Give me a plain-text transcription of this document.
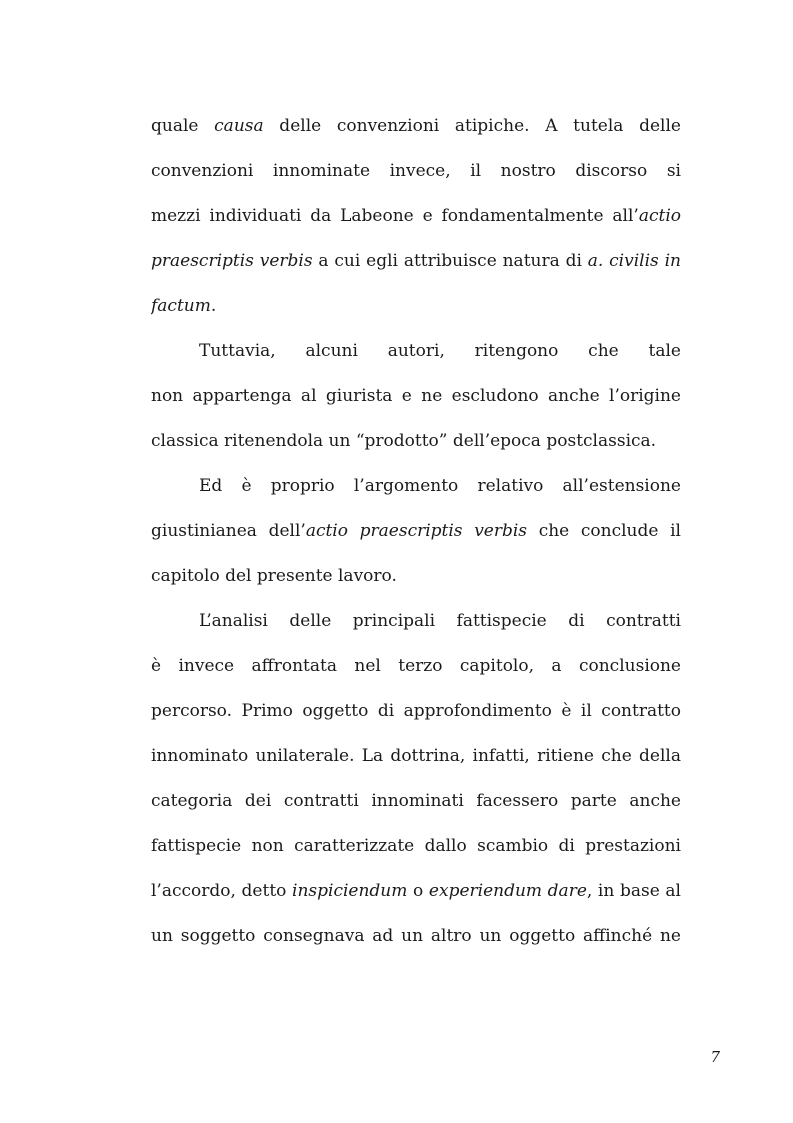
quale causa delle convenzioni atipiche. A tutela delle
convenzioni innominate invece, il nostro discorso si
mezzi individuati da Labeone e fondamentalmente all’actio
praescriptis verbis a cui egli attribuisce natura di a. civilis in
factum.
Tuttavia, alcuni autori, ritengono che tale
non appartenga al giurista e ne escludono anche l’origine
classica ritenendola un “prodotto” dell’epoca postclassica.
Ed è proprio l’argomento relativo all’estensione
giustinianea dell’actio praescriptis verbis che conclude il
capitolo del presente lavoro.
L’analisi delle principali fattispecie di contratti
è invece affrontata nel terzo capitolo, a conclusione
percorso. Primo oggetto di approfondimento è il contratto
innominato unilaterale. La dottrina, infatti, ritiene che della
categoria dei contratti innominati facessero parte anche
fattispecie non caratterizzate dallo scambio di prestazioni
l’accordo, detto inspiciendum o experiendum dare, in base al
un soggetto consegnava ad un altro un oggetto affinché ne
7
